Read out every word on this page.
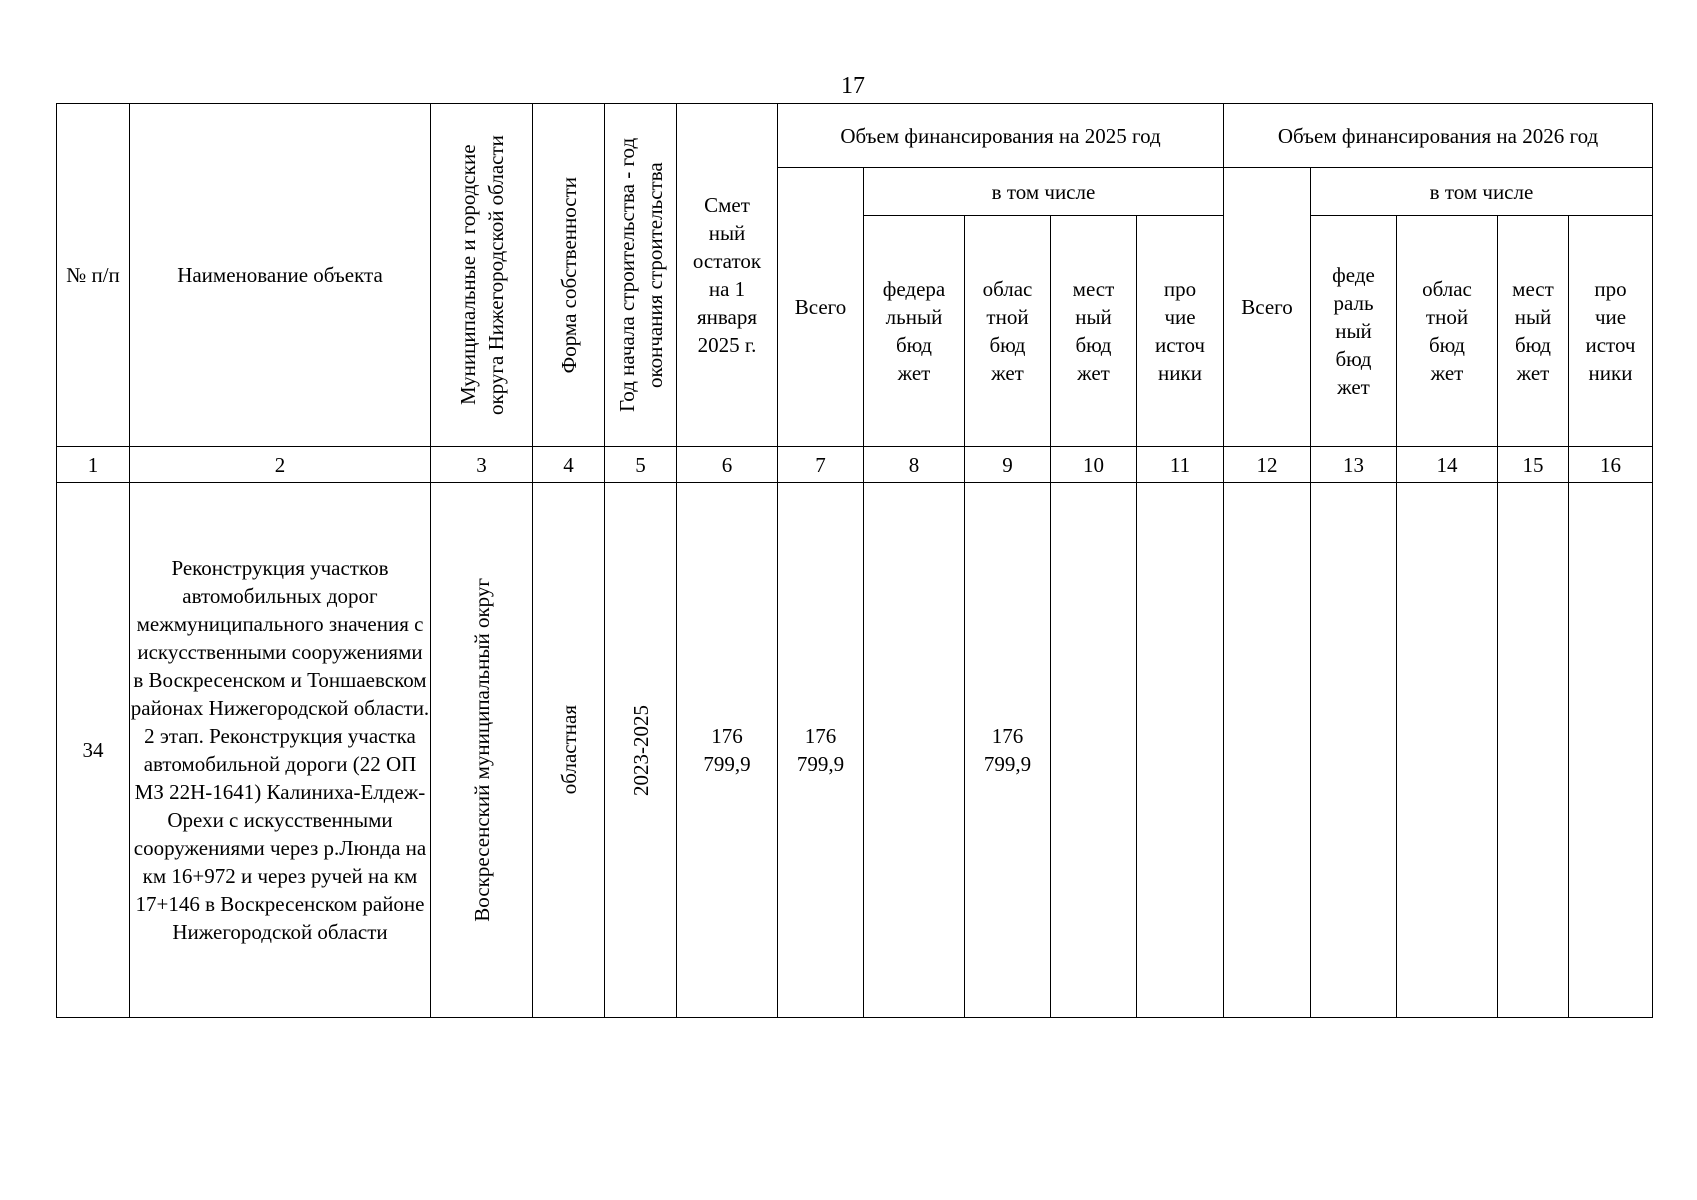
17
№ п/п	Наименование объекта	Муниципальные и городские округа Нижегородской области	Форма собственности	Год начала строительства - год окончания строительства	Смет ный остаток на 1 января 2025 г.	Объем финансирования на 2025 год					Объем финансирования на 2026 год				
						Всего	в том числе				Всего	в том числе			

							федера льный бюд жет	облас тной бюд жет	мест ный бюд жет	про чие источ ники		феде раль ный бюд жет	облас тной бюд жет	мест ный бюд жет	про чие источ ники

1	2	3	4	5	6	7	8	9	10	11	12	13	14	15	16
34	Реконструкция участков автомобильных дорог межмуниципального значения с искусственными сооружениями в Воскресенском и Тоншаевском районах Нижегородской области. 2 этап. Реконструкция участка автомобильной дороги (22 ОП МЗ 22Н-1641) Калиниха-Елдеж-Орехи с искусственными сооружениями через р.Люнда на км 16+972 и через ручей на км 17+146 в Воскресенском районе Нижегородской области	Воскресенский муниципальный округ	областная	2023-2025	176 799,9	176 799,9		176 799,9							
